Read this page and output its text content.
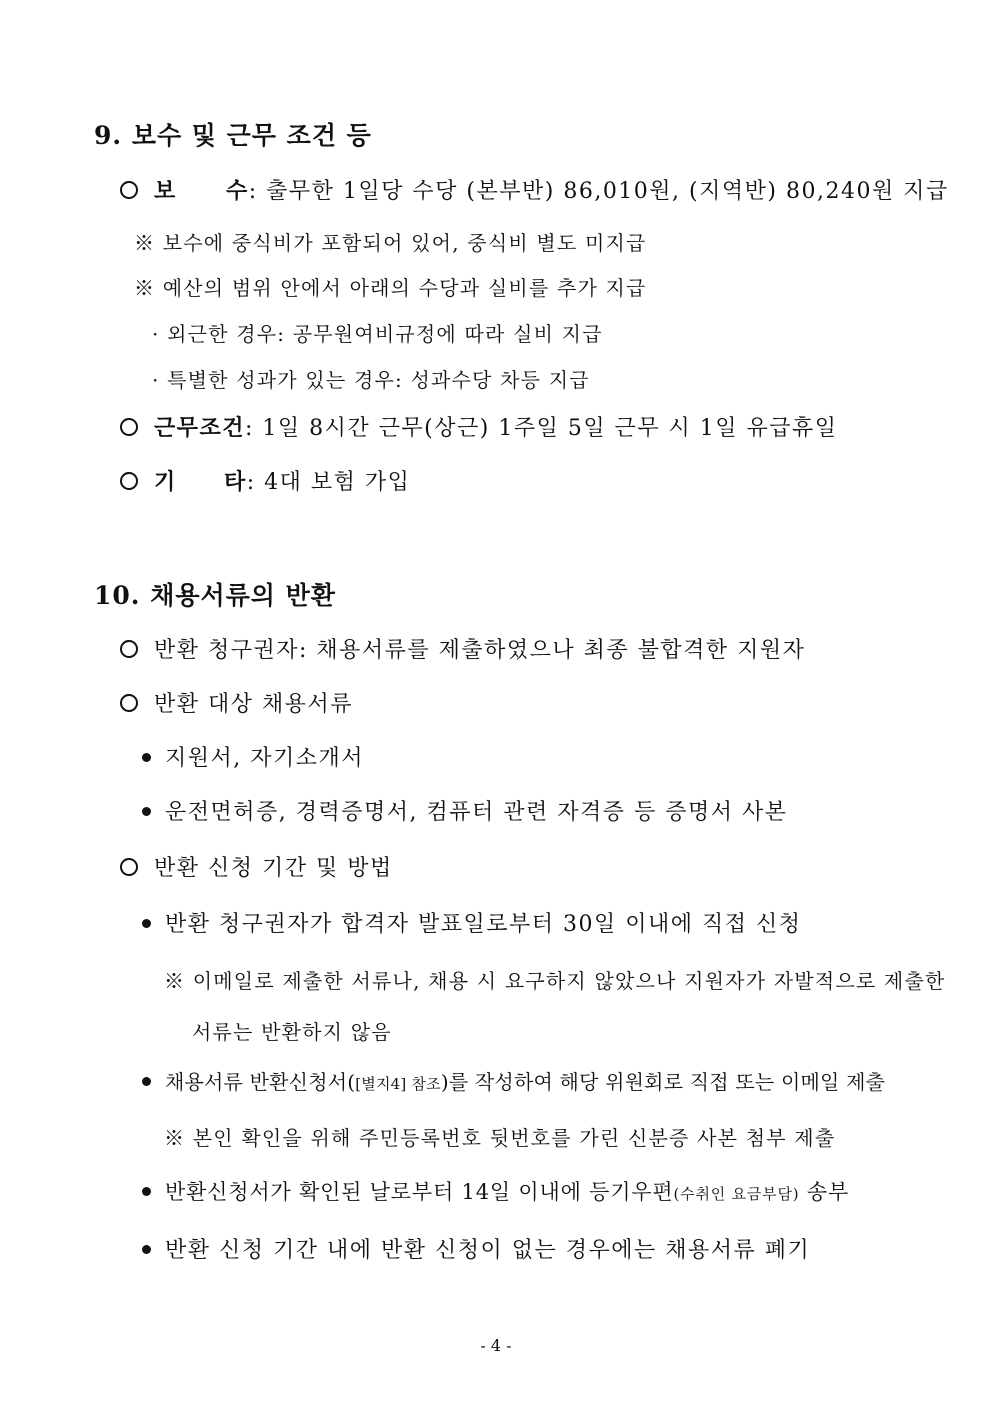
9. 보수 및 근무 조건 등
보 수: 출무한 1일당 수당 (본부반) 86,010원, (지역반) 80,240원 지급
※ 보수에 중식비가 포함되어 있어, 중식비 별도 미지급
※ 예산의 범위 안에서 아래의 수당과 실비를 추가 지급
· 외근한 경우: 공무원여비규정에 따라 실비 지급
· 특별한 성과가 있는 경우: 성과수당 차등 지급
근무조건: 1일 8시간 근무(상근) 1주일 5일 근무 시 1일 유급휴일
기 타: 4대 보험 가입
10. 채용서류의 반환
반환 청구권자: 채용서류를 제출하였으나 최종 불합격한 지원자
반환 대상 채용서류
지원서, 자기소개서
운전면허증, 경력증명서, 컴퓨터 관련 자격증 등 증명서 사본
반환 신청 기간 및 방법
반환 청구권자가 합격자 발표일로부터 30일 이내에 직접 신청
※ 이메일로 제출한 서류나, 채용 시 요구하지 않았으나 지원자가 자발적으로 제출한
서류는 반환하지 않음
채용서류 반환신청서([별지4] 참조)를 작성하여 해당 위원회로 직접 또는 이메일 제출
※ 본인 확인을 위해 주민등록번호 뒷번호를 가린 신분증 사본 첨부 제출
반환신청서가 확인된 날로부터 14일 이내에 등기우편(수취인 요금부담) 송부
반환 신청 기간 내에 반환 신청이 없는 경우에는 채용서류 폐기
- 4 -
